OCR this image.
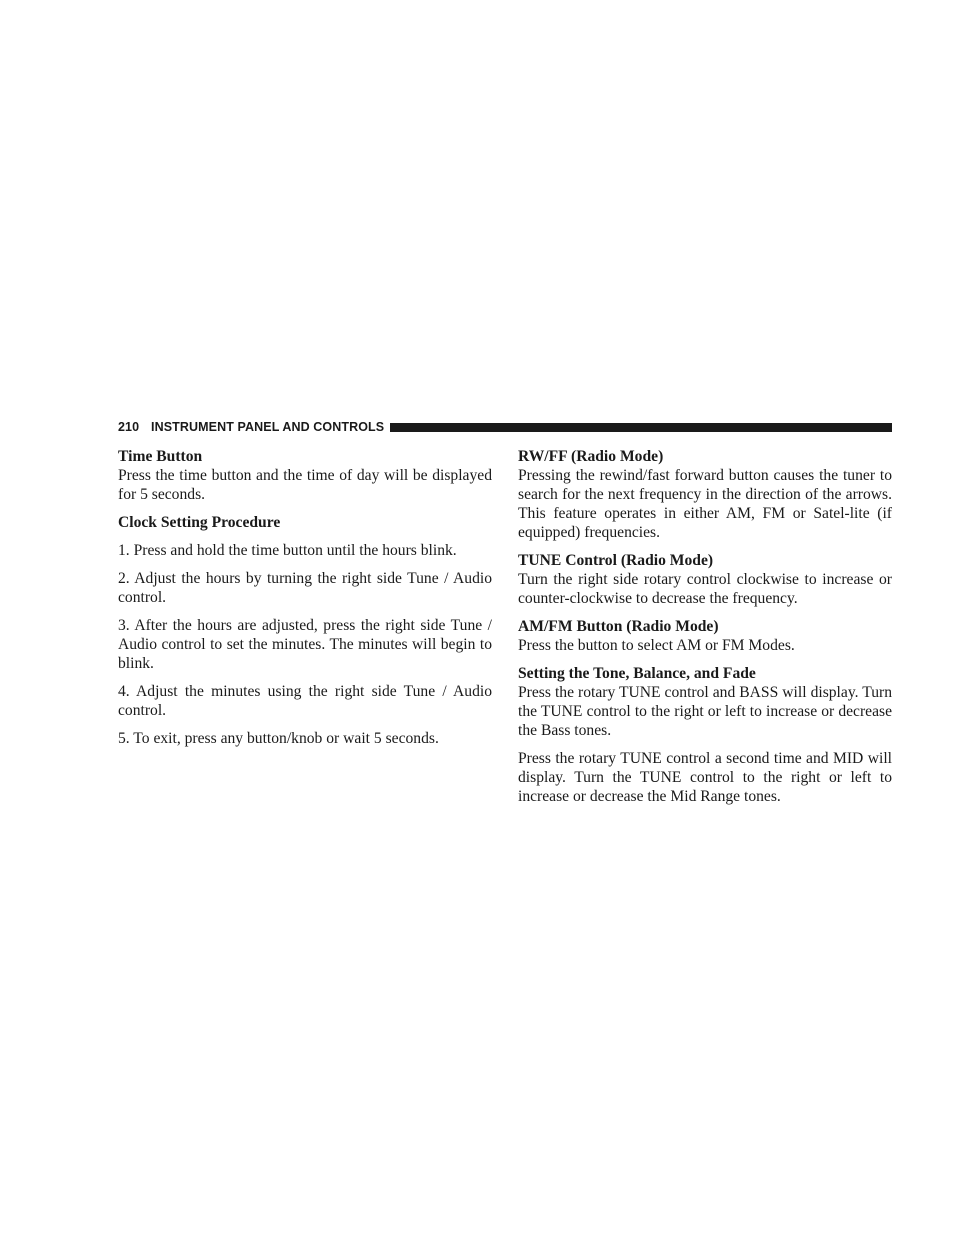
210 INSTRUMENT PANEL AND CONTROLS
Time Button

Press the time button and the time of day will be displayed for 5 seconds.

Clock Setting Procedure

1. Press and hold the time button until the hours blink.

2. Adjust the hours by turning the right side Tune / Audio control.

3. After the hours are adjusted, press the right side Tune / Audio control to set the minutes. The minutes will begin to blink.

4. Adjust the minutes using the right side Tune / Audio control.

5. To exit, press any button/knob or wait 5 seconds.

RW/FF (Radio Mode)

Pressing the rewind/fast forward button causes the tuner to search for the next frequency in the direction of the arrows. This feature operates in either AM, FM or Satel-lite (if equipped) frequencies.

TUNE Control (Radio Mode)

Turn the right side rotary control clockwise to increase or counter-clockwise to decrease the frequency.

AM/FM Button (Radio Mode)

Press the button to select AM or FM Modes.

Setting the Tone, Balance, and Fade

Press the rotary TUNE control and BASS will display. Turn the TUNE control to the right or left to increase or decrease the Bass tones.

Press the rotary TUNE control a second time and MID will display. Turn the TUNE control to the right or left to increase or decrease the Mid Range tones.
